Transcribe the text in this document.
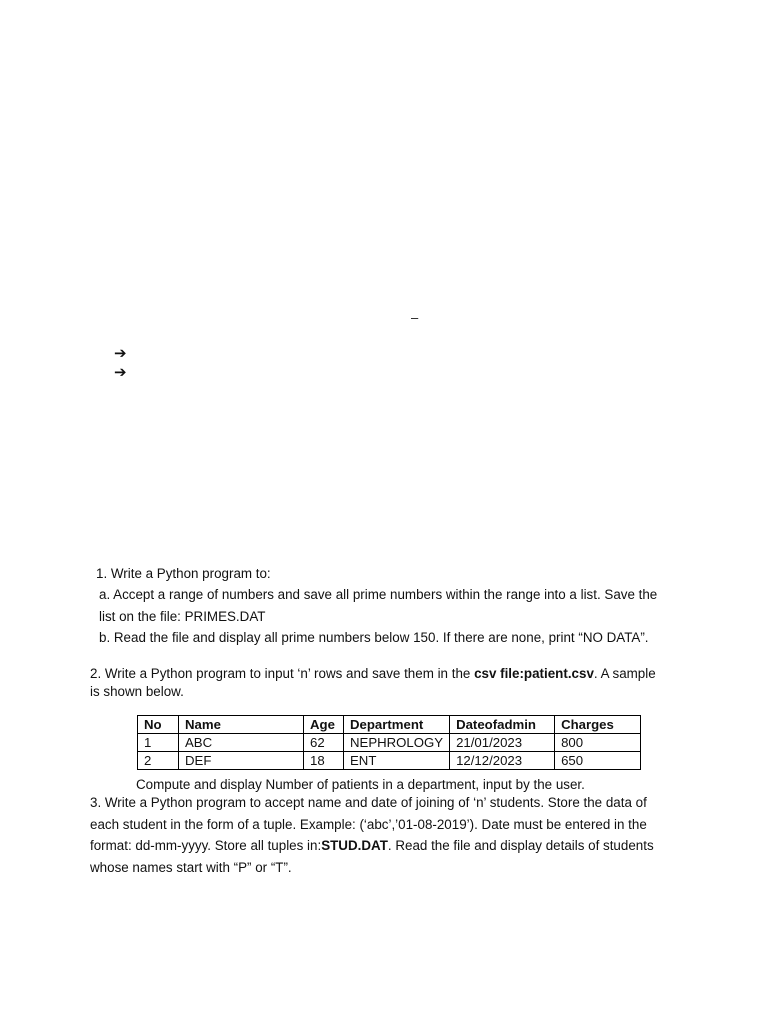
–
➔
➔
1. Write a Python program to:
a. Accept a range of numbers and save all prime numbers within the range into a list. Save the
list on the file: PRIMES.DAT
b. Read the file and display all prime numbers below 150. If there are none, print “NO DATA”.
2. Write a Python program to input ‘n’ rows and save them in the csv file:patient.csv. A sample
is shown below.
No	Name	Age	Department	Dateofadmin	Charges
1	ABC	62	NEPHROLOGY	21/01/2023	800
2	DEF	18	ENT	12/12/2023	650
Compute and display Number of patients in a department, input by the user.
3. Write a Python program to accept name and date of joining of ‘n’ students. Store the data of
each student in the form of a tuple. Example: (‘abc’,’01-08-2019’). Date must be entered in the
format: dd-mm-yyyy. Store all tuples in:STUD.DAT. Read the file and display details of students
whose names start with “P” or “T”.
